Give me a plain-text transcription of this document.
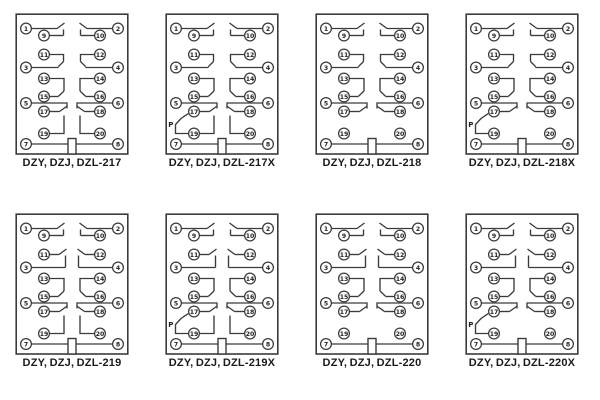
1
3
5
7
2
4
6
8
9
11
13
15
17
19
10
12
14
16
18
20
DZY, DZJ, DZL-217
P
1
3
5
7
2
4
6
8
9
11
13
15
17
19
10
12
14
16
18
20
DZY, DZJ, DZL-217X
1
3
5
7
2
4
6
8
9
11
13
15
17
19
10
12
14
16
18
20
DZY, DZJ, DZL-218
P
1
3
5
7
2
4
6
8
9
11
13
15
17
19
10
12
14
16
18
20
DZY, DZJ, DZL-218X
1
3
5
7
2
4
6
8
9
11
13
15
17
19
10
12
14
16
18
20
DZY, DZJ, DZL-219
P
1
3
5
7
2
4
6
8
9
11
13
15
17
19
10
12
14
16
18
20
DZY, DZJ, DZL-219X
1
3
5
7
2
4
6
8
9
11
13
15
17
19
10
12
14
16
18
20
DZY, DZJ, DZL-220
P
1
3
5
7
2
4
6
8
9
11
13
15
17
19
10
12
14
16
18
20
DZY, DZJ, DZL-220X
